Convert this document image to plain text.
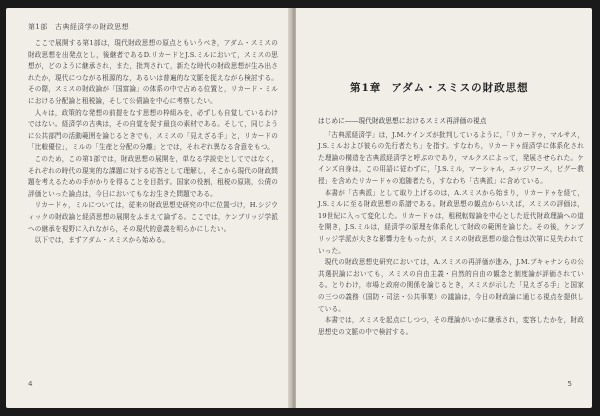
第1部　古典経済学の財政思想

ここで展開する第1部は，現代財政思想の原点ともいうべき，アダム・スミスの財政思想を出発点とし，後継者であるD.リカードとJ.S.ミルにおいて，スミスの思想が，どのように継承され，また，批判されて，新たな時代の財政思想が生み出されたか，現代につながる根源的な，あるいは普遍的な文脈を捉えながら検討する。その際，スミスの財政論が「国富論」の体系の中で占める位置と，リカード・ミルにおける分配論と租税論，そして公債論を中心に考察したい。

人々は，政策的な発想の前提をなす思想の枠組みを，必ずしも自覚しているわけではない。経済学の古典は，その自覚を促す最良の素材である。そして，同じように公共部門の活動範囲を論じるときでも，スミスの「見えざる手」と，リカードの「比較優位」，ミルの「生産と分配の分離」とでは，それぞれ異なる含意をもつ。

このため，この第1部では，財政思想の展開を，単なる学説史としてではなく，それぞれの時代の現実的な課題に対する応答として理解し，そこから現代の財政問題を考えるための手がかりを得ることを目指す。国家の役割，租税の原則，公債の評価といった論点は，今日においてもなお生きた問題である。

リカードゥ，ミルについては，従来の財政思想史研究の中に位置づけ，H.シジウィックの財政論と経済思想の展開をふまえて論ずる。ここでは，ケンブリッジ学派への継承を視野に入れながら，その現代的意義を明らかにしたい。

以下では，まずアダム・スミスから始める。

4
第1章 アダム・スミスの財政思想

はじめに――現代財政思想におけるスミス再評価の視点

「古典派経済学」は，J.M.ケインズが批判しているように，「リカードゥ，マルサス，J.S.ミルおよび彼らの先行者たち」を指す。すなわち，リカードゥ経済学に体系化された理論の構造を古典派経済学と呼ぶのであり，マルクスによって，発展させられた。ケインズ自身は，この用語に従わずに，「J.S.ミル，マーシャル，エッジワース，ピグー教授」を含めたリカードゥの追随者たち，すなわち「古典派」に含めている。

本書が「古典派」として取り上げるのは，A.スミスから始まり，リカードゥを経て，J.S.ミルに至る財政思想の系譜である。財政思想の観点からいえば，スミスの評価は，19世紀に入って変化した。リカードゥは，租税転嫁論を中心とした近代財政理論への道を開き，J.S.ミルは，経済学の原理を体系化して財政の範囲を論じた。その後，ケンブリッジ学派が大きな影響力をもったが，スミスの財政思想の総合性は次第に見失われていった。

現代の財政思想史研究においては，A.スミスの再評価が進み，J.M.ブキャナンらの公共選択論においても，スミスの自由主義・自然的自由の観念と制度論が評価されている。とりわけ，市場と政府の関係を論じるとき，スミスが示した「見えざる手」と国家の三つの義務（国防・司法・公共事業）の議論は，今日の財政論に通じる視点を提供している。

本書では，スミスを起点にしつつ，その理論がいかに継承され，変容したかを，財政思想史の文脈の中で検討する。

5
